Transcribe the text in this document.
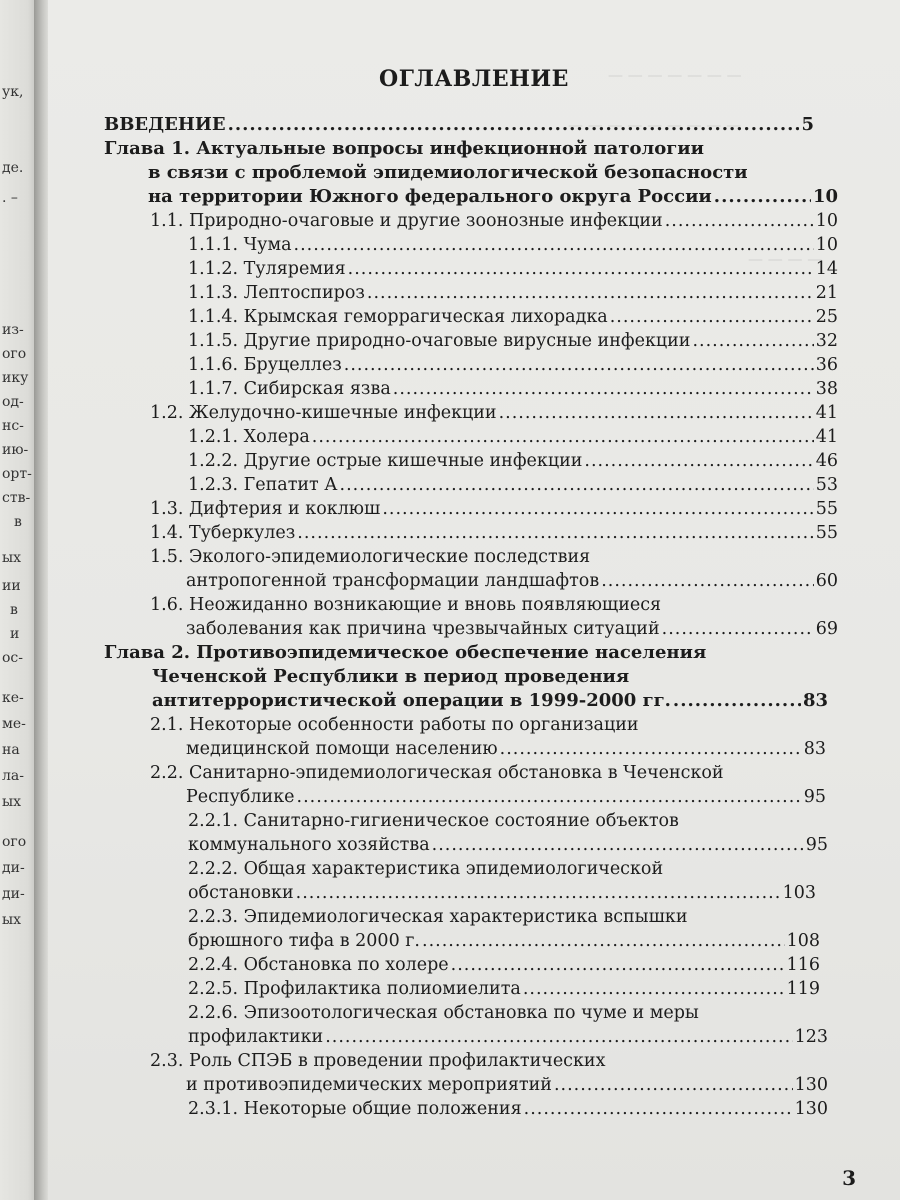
ук,
де.
. –
из-
ого
ику
од-
нс-
ию-
орт-
ств-
в
ых
ии
в
и
ос-
ке-
ме-
на
ла-
ых
ого
ди-
ди-
ых
— — — — — — —
— — — — — — — — —
— — — —
ОГЛАВЛЕНИЕ
ВВЕДЕНИЕ .....	5
Глава 1. Актуальные вопросы инфекционной патологии
в связи с проблемой эпидемиологической безопасности
на территории Южного федерального округа России .....	10
1.1. Природно-очаговые и другие зоонозные инфекции .....	10
1.1.1. Чума .....	10
1.1.2. Туляремия .....	14
1.1.3. Лептоспироз .....	21
1.1.4. Крымская геморрагическая лихорадка .....	25
1.1.5. Другие природно-очаговые вирусные инфекции .....	32
1.1.6. Бруцеллез .....	36
1.1.7. Сибирская язва .....	38
1.2. Желудочно-кишечные инфекции .....	41
1.2.1. Холера .....	41
1.2.2. Другие острые кишечные инфекции .....	46
1.2.3. Гепатит А .....	53
1.3. Дифтерия и коклюш .....	55
1.4. Туберкулез .....	55
1.5. Эколого-эпидемиологические последствия
антропогенной трансформации ландшафтов .....	60
1.6. Неожиданно возникающие и вновь появляющиеся
заболевания как причина чрезвычайных ситуаций .....	69
Глава 2. Противоэпидемическое обеспечение населения
Чеченской Республики в период проведения
антитеррористической операции в 1999-2000 гг. .....	83
2.1. Некоторые особенности работы по организации
медицинской помощи населению .....	83
2.2. Санитарно-эпидемиологическая обстановка в Чеченской
Республике .....	95
2.2.1. Санитарно-гигиеническое состояние объектов
коммунального хозяйства .....	95
2.2.2. Общая характеристика эпидемиологической
обстановки .....	103
2.2.3. Эпидемиологическая характеристика вспышки
брюшного тифа в 2000 г. .....	108
2.2.4. Обстановка по холере .....	116
2.2.5. Профилактика полиомиелита .....	119
2.2.6. Эпизоотологическая обстановка по чуме и меры
профилактики .....	123
2.3. Роль СПЭБ в проведении профилактических
и противоэпидемических мероприятий .....	130
2.3.1. Некоторые общие положения .....	130
3
